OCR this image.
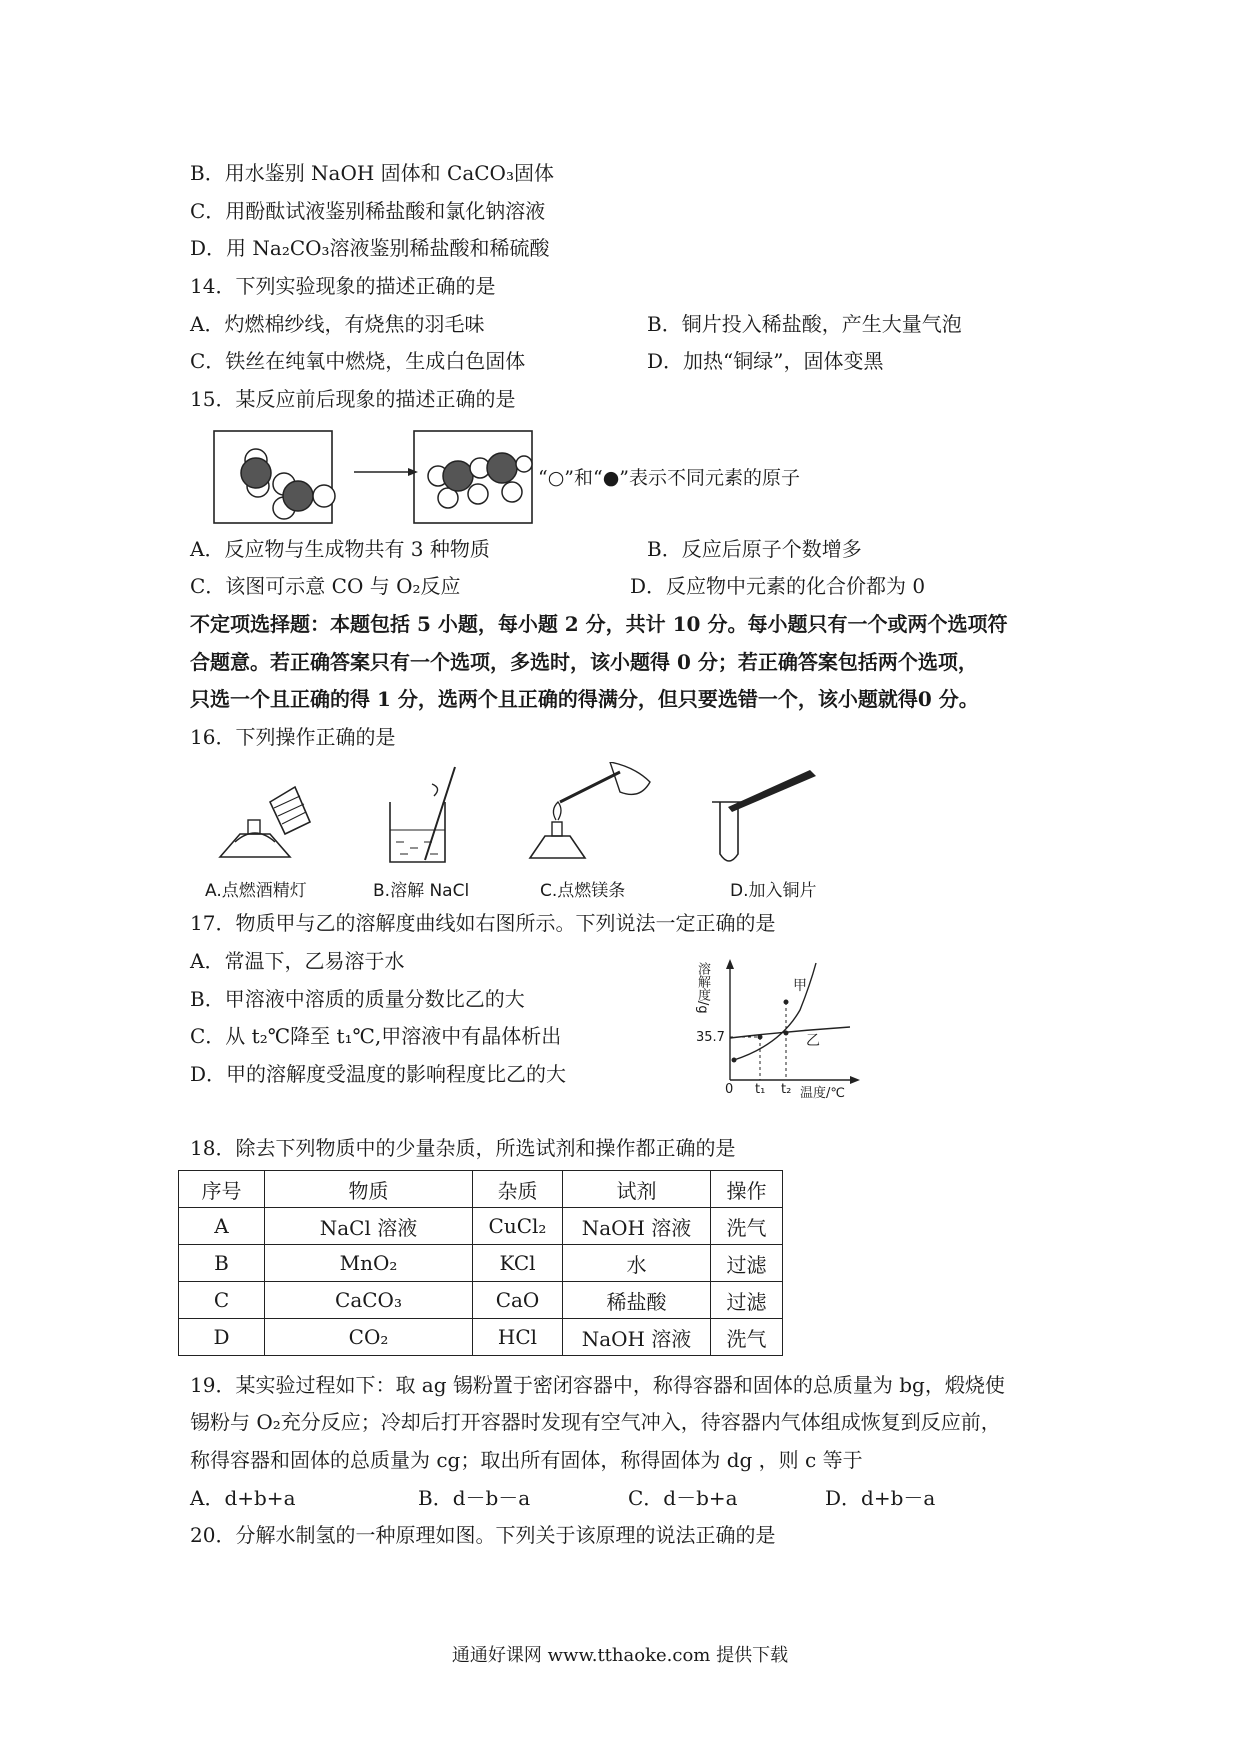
B．用水鉴别 NaOH 固体和 CaCO₃固体
C．用酚酞试液鉴别稀盐酸和氯化钠溶液
D．用 Na₂CO₃溶液鉴别稀盐酸和稀硫酸
14．下列实验现象的描述正确的是
A．灼燃棉纱线，有烧焦的羽毛味	B．铜片投入稀盐酸，产生大量气泡
C．铁丝在纯氧中燃烧，生成白色固体	D．加热“铜绿”，固体变黑
15．某反应前后现象的描述正确的是
“○”和“●”表示不同元素的原子
A．反应物与生成物共有 3 种物质	B．反应后原子个数增多
C．该图可示意 CO 与 O₂反应	D．反应物中元素的化合价都为 0
不定项选择题：本题包括 5 小题，每小题 2 分，共计 10 分。每小题只有一个或两个选项符
合题意。若正确答案只有一个选项，多选时，该小题得 0 分；若正确答案包括两个选项，
只选一个且正确的得 1 分，选两个且正确的得满分，但只要选错一个，该小题就得0 分。
16．下列操作正确的是
A.点燃酒精灯	B.溶解 NaCl	C.点燃镁条	D.加入铜片
17．物质甲与乙的溶解度曲线如右图所示。下列说法一定正确的是
A．常温下，乙易溶于水
B．甲溶液中溶质的质量分数比乙的大
C．从 t₂℃降至 t₁℃,甲溶液中有晶体析出
D．甲的溶解度受温度的影响程度比乙的大
溶解度/g	甲
乙
35.7
0 t₁ t₂ 温度/℃
18．除去下列物质中的少量杂质，所选试剂和操作都正确的是
序号	物质	杂质	试剂	操作
A	NaCl 溶液	CuCl₂	NaOH 溶液	洗气
B	MnO₂	KCl	水	过滤
C	CaCO₃	CaO	稀盐酸	过滤
D	CO₂	HCl	NaOH 溶液	洗气
19．某实验过程如下：取 ag 锡粉置于密闭容器中，称得容器和固体的总质量为 bg，煅烧使
锡粉与 O₂充分反应；冷却后打开容器时发现有空气冲入，待容器内气体组成恢复到反应前，
称得容器和固体的总质量为 cg；取出所有固体，称得固体为 dg ，则 c 等于
A．d+b+a	B．d－b－a	C．d－b+a	D．d+b－a
20．分解水制氢的一种原理如图。下列关于该原理的说法正确的是
通通好课网 www.tthaoke.com 提供下载
